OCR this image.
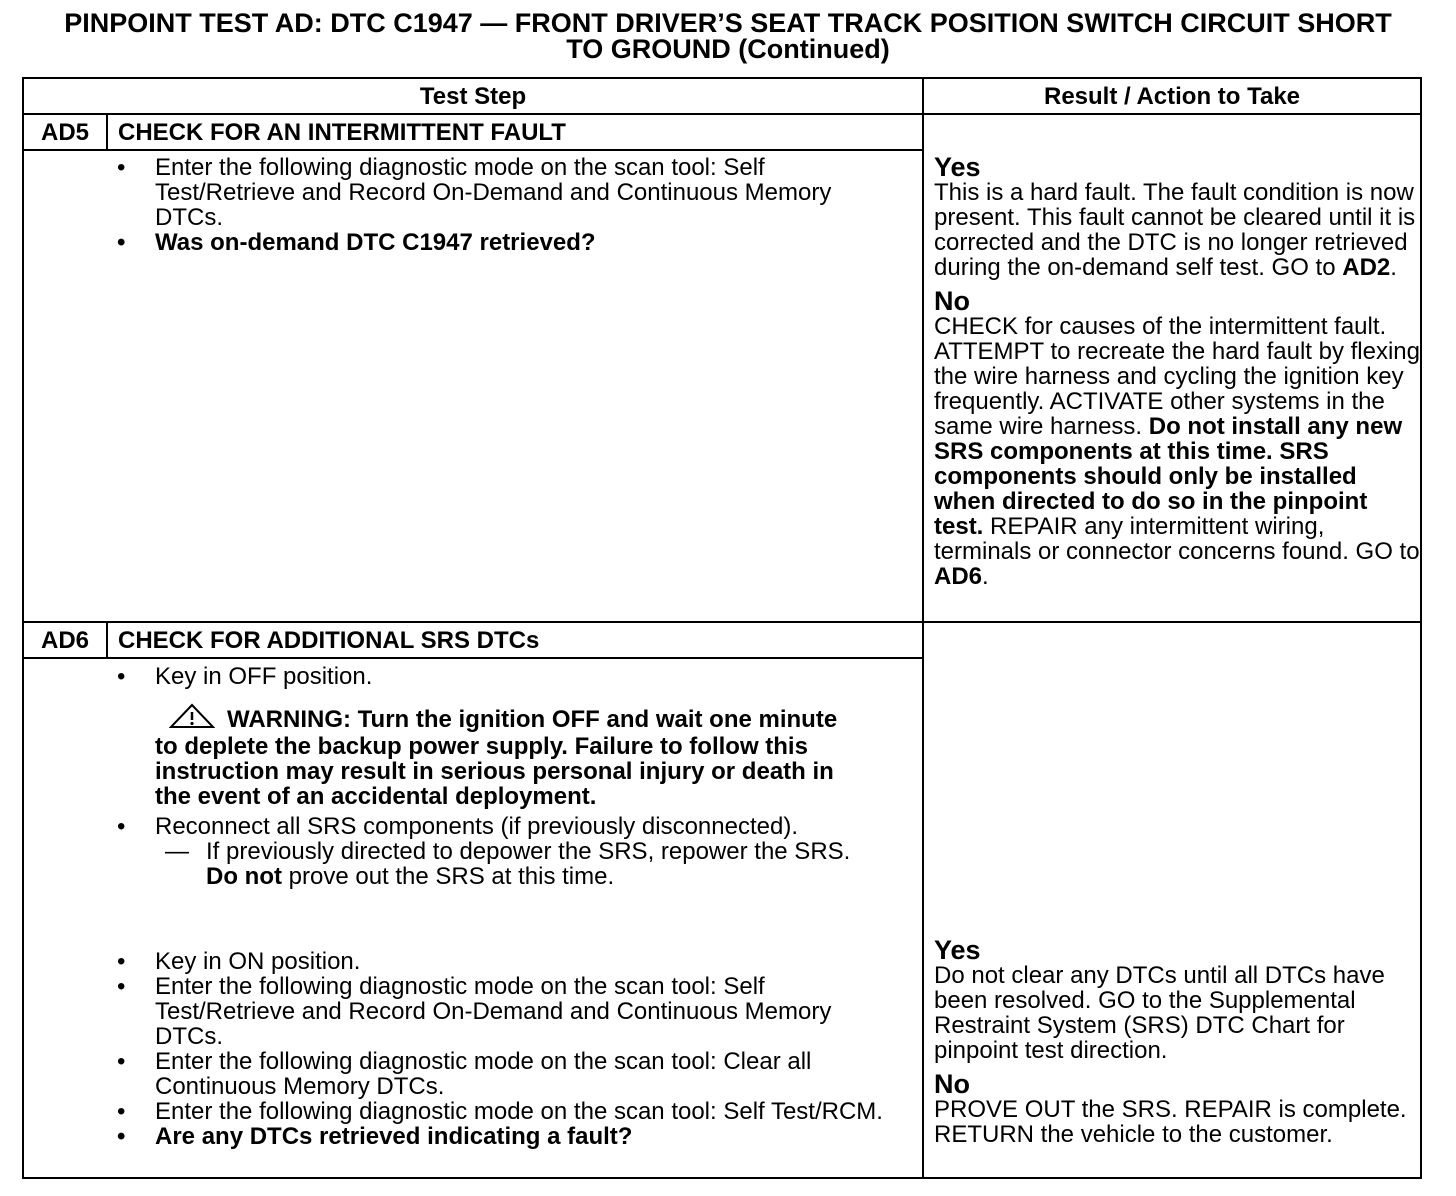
PINPOINT TEST AD: DTC C1947 — FRONT DRIVER’S SEAT TRACK POSITION SWITCH CIRCUIT SHORT
TO GROUND (Continued)
Test Step	Result / Action to Take
AD5	CHECK FOR AN INTERMITTENT FAULT
• Enter the following diagnostic mode on the scan tool: Self Test/Retrieve and Record On-Demand and Continuous Memory DTCs.
• Was on-demand DTC C1947 retrieved?
Yes
This is a hard fault. The fault condition is now present. This fault cannot be cleared until it is corrected and the DTC is no longer retrieved during the on-demand self test. GO to AD2.
No
CHECK for causes of the intermittent fault. ATTEMPT to recreate the hard fault by flexing the wire harness and cycling the ignition key frequently. ACTIVATE other systems in the same wire harness. Do not install any new SRS components at this time. SRS components should only be installed when directed to do so in the pinpoint test. REPAIR any intermittent wiring, terminals or connector concerns found. GO to AD6.
AD6	CHECK FOR ADDITIONAL SRS DTCs
• Key in OFF position.
WARNING: Turn the ignition OFF and wait one minute to deplete the backup power supply. Failure to follow this instruction may result in serious personal injury or death in the event of an accidental deployment.
• Reconnect all SRS components (if previously disconnected).
— If previously directed to depower the SRS, repower the SRS. Do not prove out the SRS at this time.
• Key in ON position.
• Enter the following diagnostic mode on the scan tool: Self Test/Retrieve and Record On-Demand and Continuous Memory DTCs.
• Enter the following diagnostic mode on the scan tool: Clear all Continuous Memory DTCs.
• Enter the following diagnostic mode on the scan tool: Self Test/RCM.
• Are any DTCs retrieved indicating a fault?
Yes
Do not clear any DTCs until all DTCs have been resolved. GO to the Supplemental Restraint System (SRS) DTC Chart for pinpoint test direction.
No
PROVE OUT the SRS. REPAIR is complete. RETURN the vehicle to the customer.
